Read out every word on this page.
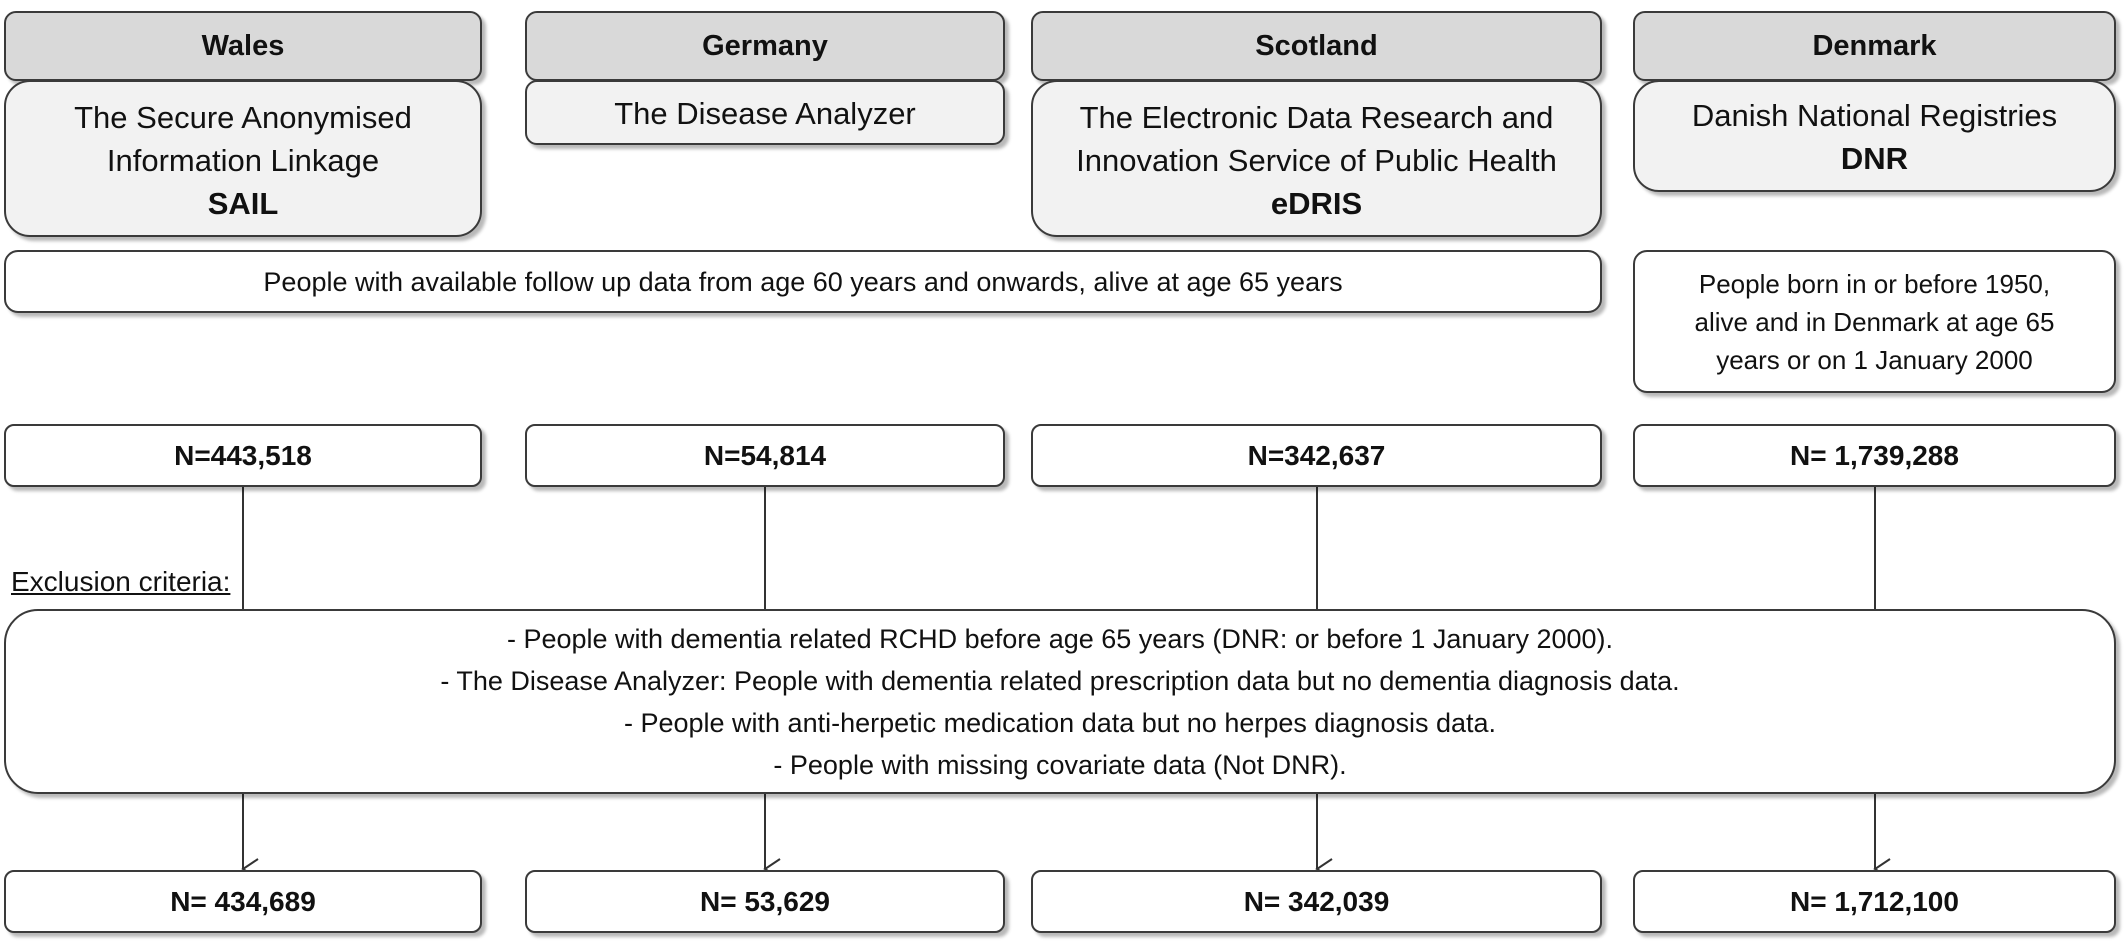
Wales	Germany	Scotland	Denmark
The Secure Anonymised
Information Linkage
SAIL
The Disease Analyzer	The Electronic Data Research and
Innovation Service of Public Health
eDRIS
Danish National Registries
DNR
People with available follow up data from age 60 years and onwards, alive at age 65 years	People born in or before 1950,
alive and in Denmark at age 65
years or on 1 January 2000
N=443,518	N=54,814	N=342,637	N= 1,739,288
Exclusion criteria:
- People with dementia related RCHD before age 65 years (DNR: or before 1 January 2000).
- The Disease Analyzer: People with dementia related prescription data but no dementia diagnosis data.
- People with anti-herpetic medication data but no herpes diagnosis data.
- People with missing covariate data (Not DNR).
N= 434,689	N= 53,629	N= 342,039	N= 1,712,100
